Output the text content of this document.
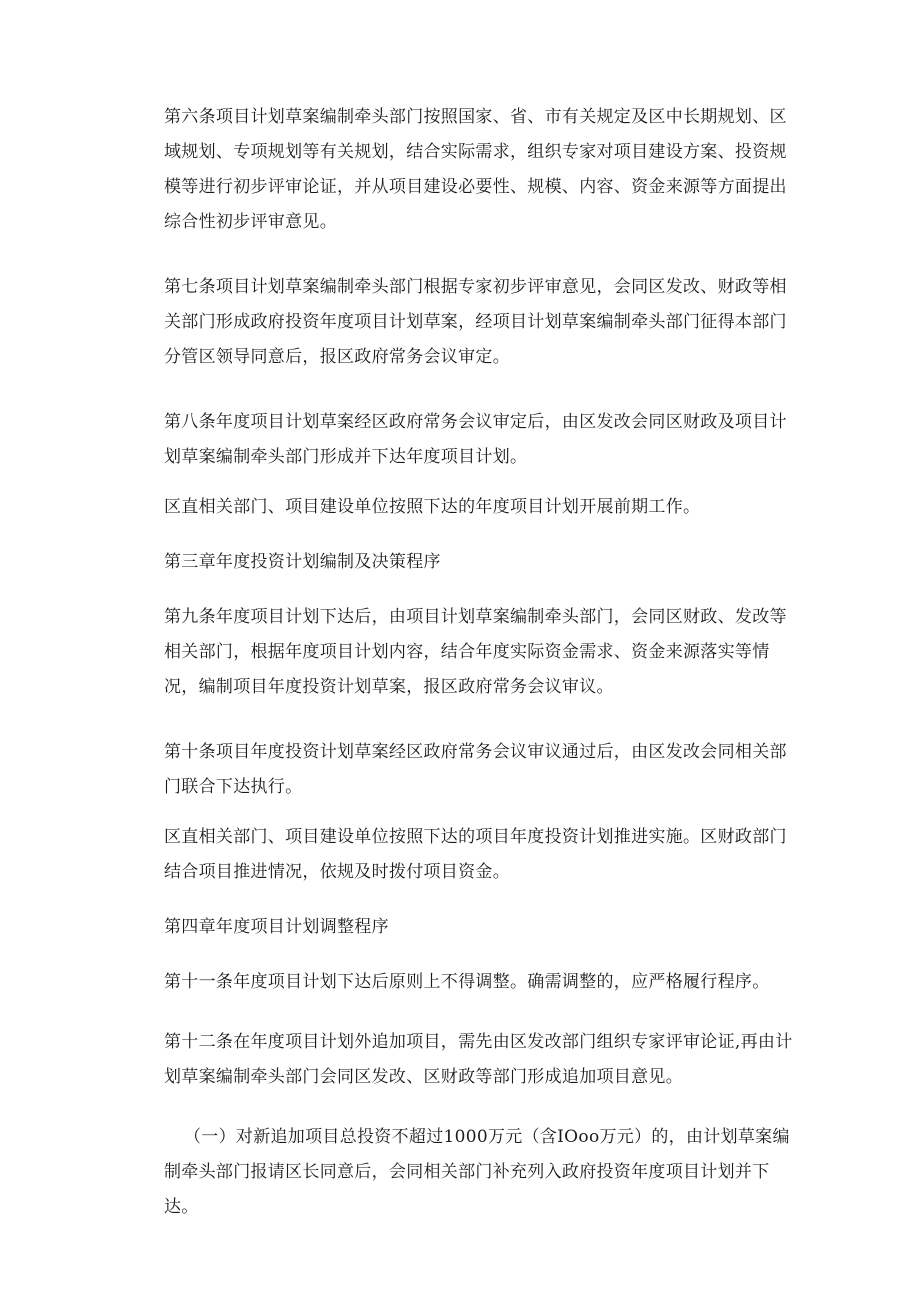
第六条项目计划草案编制牵头部门按照国家、省、市有关规定及区中长期规划、区域规划、专项规划等有关规划，结合实际需求，组织专家对项目建设方案、投资规模等进行初步评审论证，并从项目建设必要性、规模、内容、资金来源等方面提出综合性初步评审意见。

第七条项目计划草案编制牵头部门根据专家初步评审意见，会同区发改、财政等相关部门形成政府投资年度项目计划草案，经项目计划草案编制牵头部门征得本部门分管区领导同意后，报区政府常务会议审定。

第八条年度项目计划草案经区政府常务会议审定后，由区发改会同区财政及项目计划草案编制牵头部门形成并下达年度项目计划。

区直相关部门、项目建设单位按照下达的年度项目计划开展前期工作。

第三章年度投资计划编制及决策程序

第九条年度项目计划下达后，由项目计划草案编制牵头部门，会同区财政、发改等相关部门，根据年度项目计划内容，结合年度实际资金需求、资金来源落实等情况，编制项目年度投资计划草案，报区政府常务会议审议。

第十条项目年度投资计划草案经区政府常务会议审议通过后，由区发改会同相关部门联合下达执行。

区直相关部门、项目建设单位按照下达的项目年度投资计划推进实施。区财政部门结合项目推进情况，依规及时拨付项目资金。

第四章年度项目计划调整程序

第十一条年度项目计划下达后原则上不得调整。确需调整的，应严格履行程序。

第十二条在年度项目计划外追加项目，需先由区发改部门组织专家评审论证,再由计划草案编制牵头部门会同区发改、区财政等部门形成追加项目意见。

（一）对新追加项目总投资不超过1000万元（含IOoo万元）的，由计划草案编制牵头部门报请区长同意后，会同相关部门补充列入政府投资年度项目计划并下达。
